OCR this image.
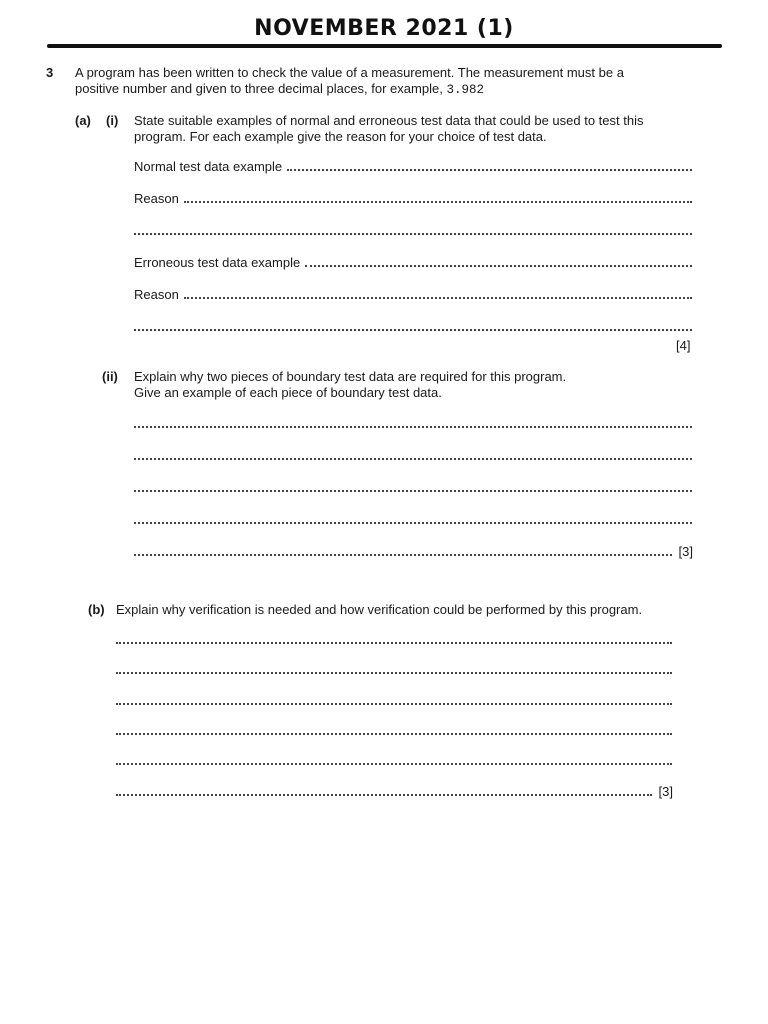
NOVEMBER 2021 (1)
3 A program has been written to check the value of a measurement. The measurement must be a
positive number and given to three decimal places, for example, 3.982
(a) (i) State suitable examples of normal and erroneous test data that could be used to test this
program. For each example give the reason for your choice of test data.
Normal test data example
Reason
Erroneous test data example
Reason
[4]
(ii) Explain why two pieces of boundary test data are required for this program.
Give an example of each piece of boundary test data.
[3]
(b) Explain why verification is needed and how verification could be performed by this program.
[3]
